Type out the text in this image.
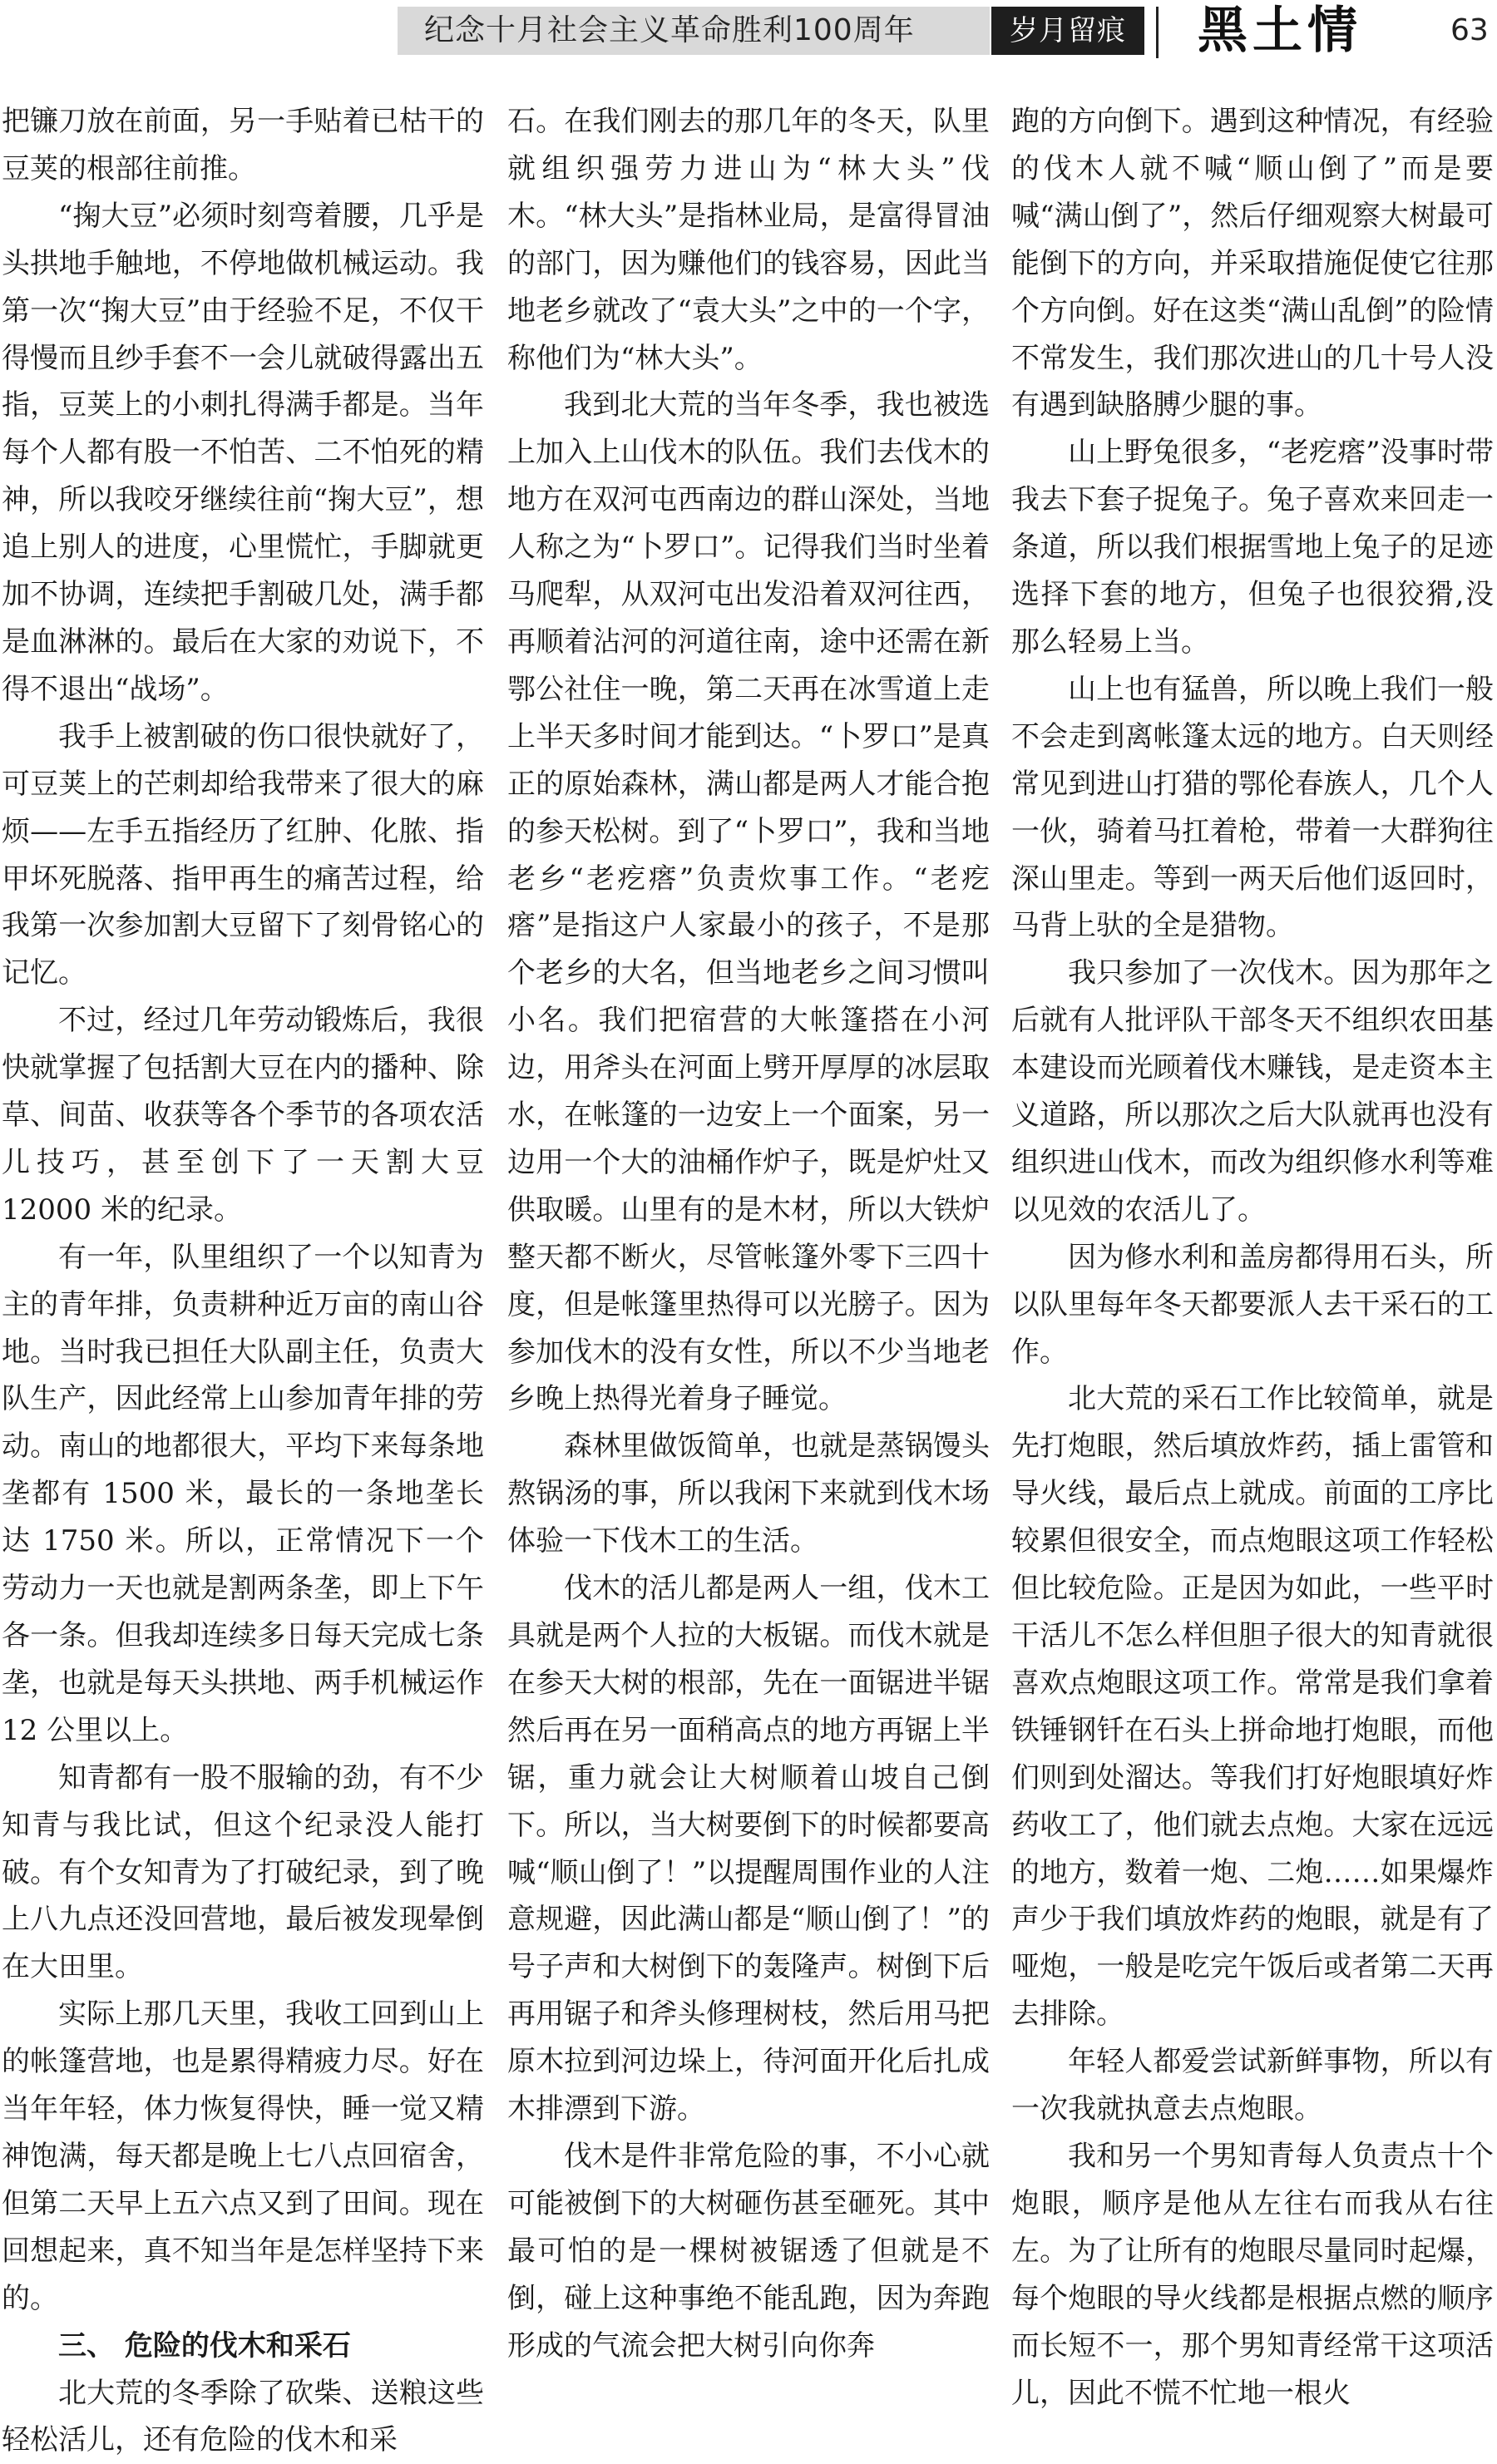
纪念十月社会主义革命胜利100周年	岁月留痕	黑土情	63

把镰刀放在前面，另一手贴着已枯干的豆荚的根部往前推。

“掬大豆”必须时刻弯着腰，几乎是头拱地手触地，不停地做机械运动。我第一次“掬大豆”由于经验不足，不仅干得慢而且纱手套不一会儿就破得露出五指，豆荚上的小刺扎得满手都是。当年每个人都有股一不怕苦、二不怕死的精神，所以我咬牙继续往前“掬大豆”，想追上别人的进度，心里慌忙，手脚就更加不协调，连续把手割破几处，满手都是血淋淋的。最后在大家的劝说下，不得不退出“战场”。

我手上被割破的伤口很快就好了，可豆荚上的芒刺却给我带来了很大的麻烦——左手五指经历了红肿、化脓、指甲坏死脱落、指甲再生的痛苦过程，给我第一次参加割大豆留下了刻骨铭心的记忆。

不过，经过几年劳动锻炼后，我很快就掌握了包括割大豆在内的播种、除草、间苗、收获等各个季节的各项农活儿技巧，甚至创下了一天割大豆 12000 米的纪录。

有一年，队里组织了一个以知青为主的青年排，负责耕种近万亩的南山谷地。当时我已担任大队副主任，负责大队生产，因此经常上山参加青年排的劳动。南山的地都很大，平均下来每条地垄都有 1500 米，最长的一条地垄长达 1750 米。所以，正常情况下一个劳动力一天也就是割两条垄，即上下午各一条。但我却连续多日每天完成七条垄，也就是每天头拱地、两手机械运作 12 公里以上。

知青都有一股不服输的劲，有不少知青与我比试，但这个纪录没人能打破。有个女知青为了打破纪录，到了晚上八九点还没回营地，最后被发现晕倒在大田里。

实际上那几天里，我收工回到山上的帐篷营地，也是累得精疲力尽。好在当年年轻，体力恢复得快，睡一觉又精神饱满，每天都是晚上七八点回宿舍，但第二天早上五六点又到了田间。现在回想起来，真不知当年是怎样坚持下来的。

三、 危险的伐木和采石

北大荒的冬季除了砍柴、送粮这些轻松活儿，还有危险的伐木和采

石。在我们刚去的那几年的冬天，队里就组织强劳力进山为“林大头”伐木。“林大头”是指林业局，是富得冒油的部门，因为赚他们的钱容易，因此当地老乡就改了“袁大头”之中的一个字，称他们为“林大头”。

我到北大荒的当年冬季，我也被选上加入上山伐木的队伍。我们去伐木的地方在双河屯西南边的群山深处，当地人称之为“卜罗口”。记得我们当时坐着马爬犁，从双河屯出发沿着双河往西，再顺着沾河的河道往南，途中还需在新鄂公社住一晚，第二天再在冰雪道上走上半天多时间才能到达。“卜罗口”是真正的原始森林，满山都是两人才能合抱的参天松树。到了“卜罗口”，我和当地老乡“老疙瘩”负责炊事工作。“老疙瘩”是指这户人家最小的孩子，不是那个老乡的大名，但当地老乡之间习惯叫小名。我们把宿营的大帐篷搭在小河边，用斧头在河面上劈开厚厚的冰层取水，在帐篷的一边安上一个面案，另一边用一个大的油桶作炉子，既是炉灶又供取暖。山里有的是木材，所以大铁炉整天都不断火，尽管帐篷外零下三四十度，但是帐篷里热得可以光膀子。因为参加伐木的没有女性，所以不少当地老乡晚上热得光着身子睡觉。

森林里做饭简单，也就是蒸锅馒头熬锅汤的事，所以我闲下来就到伐木场体验一下伐木工的生活。

伐木的活儿都是两人一组，伐木工具就是两个人拉的大板锯。而伐木就是在参天大树的根部，先在一面锯进半锯然后再在另一面稍高点的地方再锯上半锯，重力就会让大树顺着山坡自己倒下。所以，当大树要倒下的时候都要高喊“顺山倒了！”以提醒周围作业的人注意规避，因此满山都是“顺山倒了！”的号子声和大树倒下的轰隆声。树倒下后再用锯子和斧头修理树枝，然后用马把原木拉到河边垛上，待河面开化后扎成木排漂到下游。

伐木是件非常危险的事，不小心就可能被倒下的大树砸伤甚至砸死。其中最可怕的是一棵树被锯透了但就是不倒，碰上这种事绝不能乱跑，因为奔跑形成的气流会把大树引向你奔

跑的方向倒下。遇到这种情况，有经验的伐木人就不喊“顺山倒了”而是要喊“满山倒了”，然后仔细观察大树最可能倒下的方向，并采取措施促使它往那个方向倒。好在这类“满山乱倒”的险情不常发生，我们那次进山的几十号人没有遇到缺胳膊少腿的事。

山上野兔很多，“老疙瘩”没事时带我去下套子捉兔子。兔子喜欢来回走一条道，所以我们根据雪地上兔子的足迹选择下套的地方，但兔子也很狡猾,没那么轻易上当。

山上也有猛兽，所以晚上我们一般不会走到离帐篷太远的地方。白天则经常见到进山打猎的鄂伦春族人，几个人一伙，骑着马扛着枪，带着一大群狗往深山里走。等到一两天后他们返回时，马背上驮的全是猎物。

我只参加了一次伐木。因为那年之后就有人批评队干部冬天不组织农田基本建设而光顾着伐木赚钱，是走资本主义道路，所以那次之后大队就再也没有组织进山伐木，而改为组织修水利等难以见效的农活儿了。

因为修水利和盖房都得用石头，所以队里每年冬天都要派人去干采石的工作。

北大荒的采石工作比较简单，就是先打炮眼，然后填放炸药，插上雷管和导火线，最后点上就成。前面的工序比较累但很安全，而点炮眼这项工作轻松但比较危险。正是因为如此，一些平时干活儿不怎么样但胆子很大的知青就很喜欢点炮眼这项工作。常常是我们拿着铁锤钢钎在石头上拼命地打炮眼，而他们则到处溜达。等我们打好炮眼填好炸药收工了，他们就去点炮。大家在远远的地方，数着一炮、二炮……如果爆炸声少于我们填放炸药的炮眼，就是有了哑炮，一般是吃完午饭后或者第二天再去排除。

年轻人都爱尝试新鲜事物，所以有一次我就执意去点炮眼。

我和另一个男知青每人负责点十个炮眼，顺序是他从左往右而我从右往左。为了让所有的炮眼尽量同时起爆，每个炮眼的导火线都是根据点燃的顺序而长短不一，那个男知青经常干这项活儿，因此不慌不忙地一根火
